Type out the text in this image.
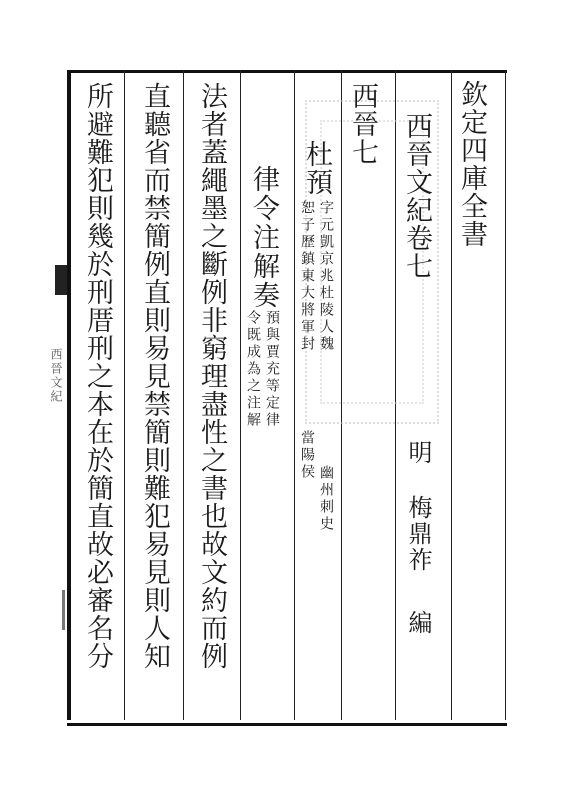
西晉文紀
欽定四庫全書
西晉文紀卷七
明
梅鼎祚
編
西晉七
杜預
字元凱京兆杜陵人魏
恕子歷鎮東大將軍封
幽州刺史
當陽侯
律令注解奏
預與賈充等定律
令既成為之注解
法者蓋繩墨之斷例非窮理盡性之書也故文約而例
直聽省而禁簡例直則易見禁簡則難犯易見則人知
所避難犯則幾於刑厝刑之本在於簡直故必審名分
